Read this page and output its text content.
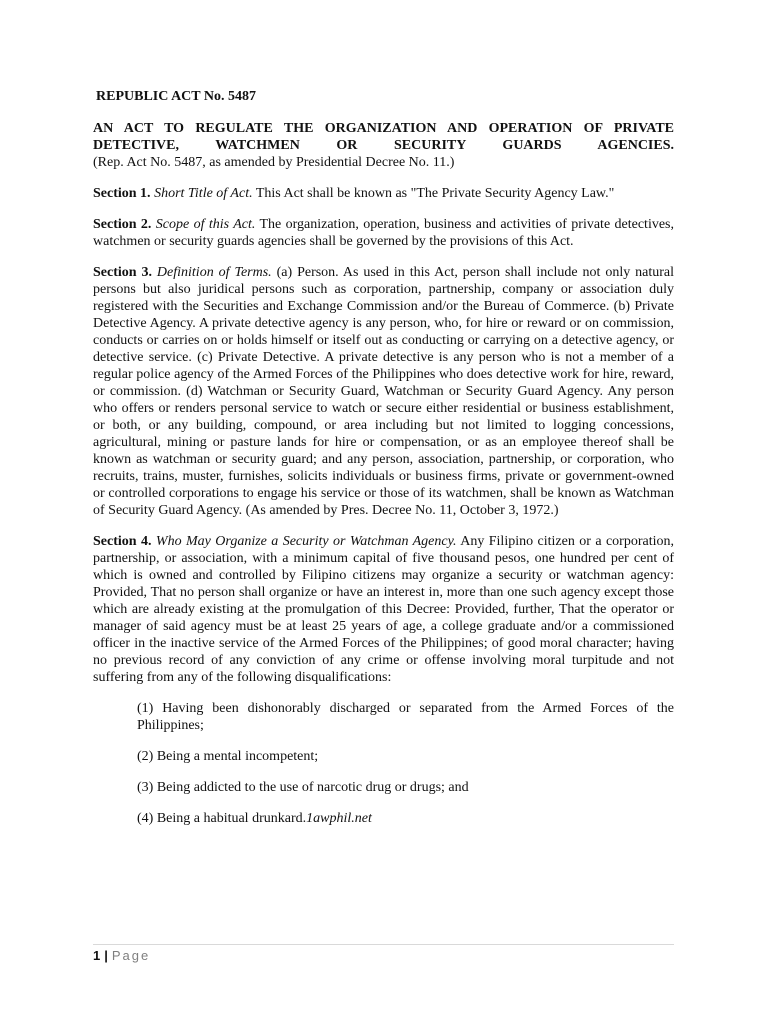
REPUBLIC ACT No. 5487
AN ACT TO REGULATE THE ORGANIZATION AND OPERATION OF PRIVATE DETECTIVE, WATCHMEN OR SECURITY GUARDS AGENCIES.
(Rep. Act No. 5487, as amended by Presidential Decree No. 11.)

Section 1. Short Title of Act. This Act shall be known as "The Private Security Agency Law."

Section 2. Scope of this Act. The organization, operation, business and activities of private detectives, watchmen or security guards agencies shall be governed by the provisions of this Act.

Section 3. Definition of Terms. (a) Person. As used in this Act, person shall include not only natural persons but also juridical persons such as corporation, partnership, company or association duly registered with the Securities and Exchange Commission and/or the Bureau of Commerce. (b) Private Detective Agency. A private detective agency is any person, who, for hire or reward or on commission, conducts or carries on or holds himself or itself out as conducting or carrying on a detective agency, or detective service. (c) Private Detective. A private detective is any person who is not a member of a regular police agency of the Armed Forces of the Philippines who does detective work for hire, reward, or commission. (d) Watchman or Security Guard, Watchman or Security Guard Agency. Any person who offers or renders personal service to watch or secure either residential or business establishment, or both, or any building, compound, or area including but not limited to logging concessions, agricultural, mining or pasture lands for hire or compensation, or as an employee thereof shall be known as watchman or security guard; and any person, association, partnership, or corporation, who recruits, trains, muster, furnishes, solicits individuals or business firms, private or government-owned or controlled corporations to engage his service or those of its watchmen, shall be known as Watchman of Security Guard Agency. (As amended by Pres. Decree No. 11, October 3, 1972.)

Section 4. Who May Organize a Security or Watchman Agency. Any Filipino citizen or a corporation, partnership, or association, with a minimum capital of five thousand pesos, one hundred per cent of which is owned and controlled by Filipino citizens may organize a security or watchman agency: Provided, That no person shall organize or have an interest in, more than one such agency except those which are already existing at the promulgation of this Decree: Provided, further, That the operator or manager of said agency must be at least 25 years of age, a college graduate and/or a commissioned officer in the inactive service of the Armed Forces of the Philippines; of good moral character; having no previous record of any conviction of any crime or offense involving moral turpitude and not suffering from any of the following disqualifications:

(1) Having been dishonorably discharged or separated from the Armed Forces of the Philippines;
(2) Being a mental incompetent;
(3) Being addicted to the use of narcotic drug or drugs; and
(4) Being a habitual drunkard.1awphil.net
1 | Page
